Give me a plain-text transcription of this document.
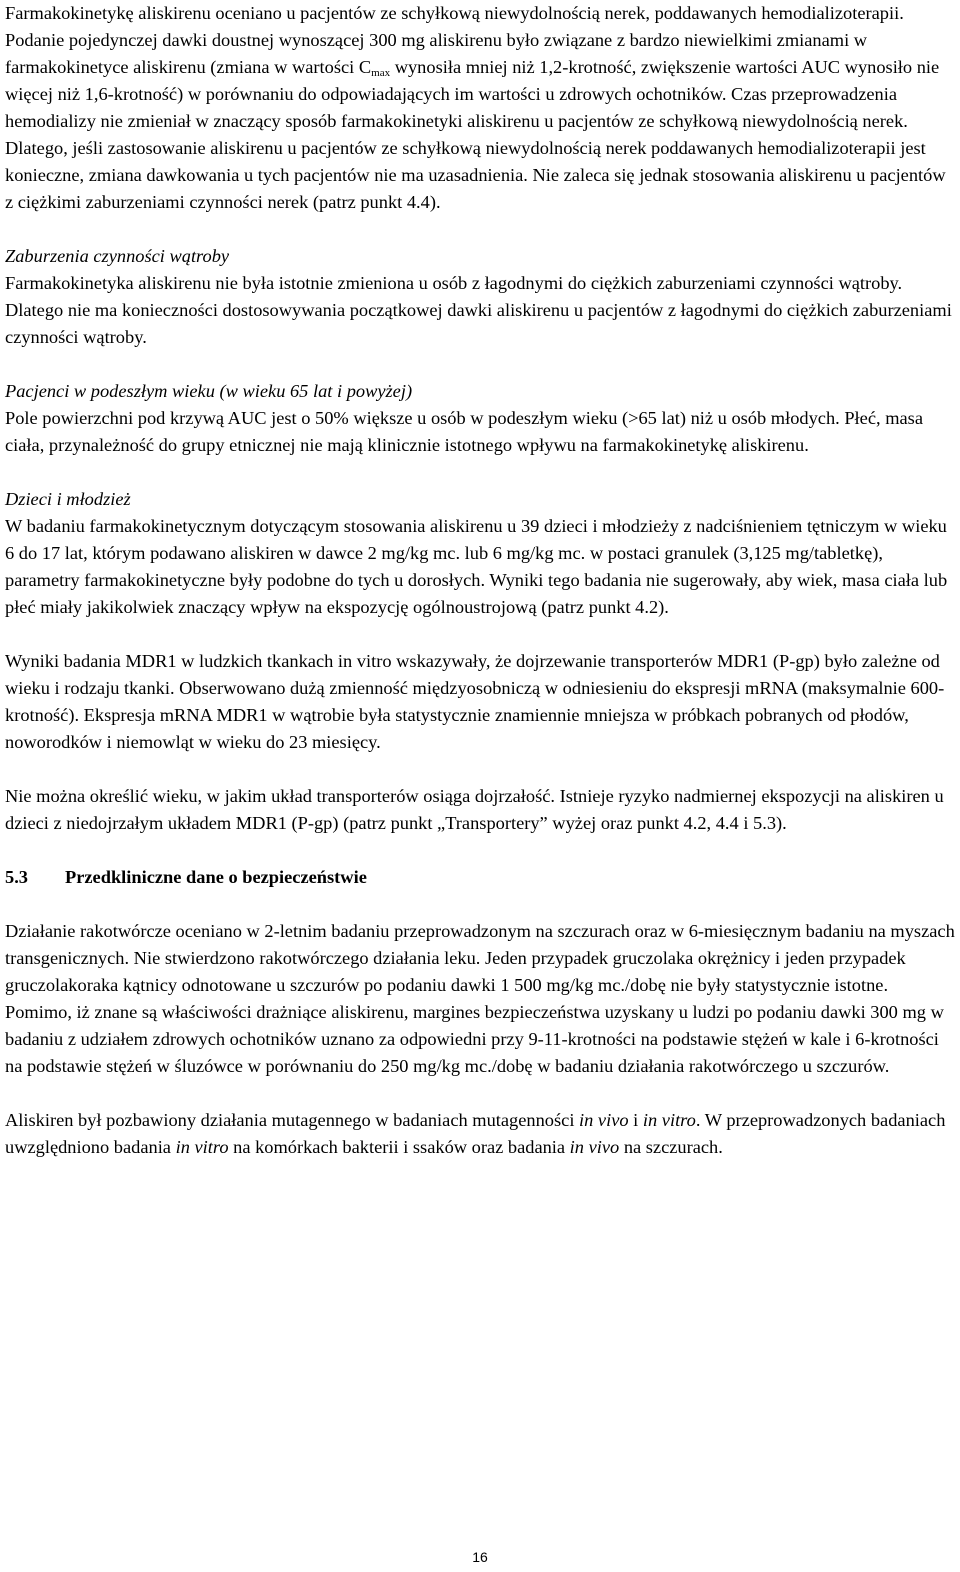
Farmakokinetykę aliskirenu oceniano u pacjentów ze schyłkową niewydolnością nerek, poddawanych hemodializoterapii. Podanie pojedynczej dawki doustnej wynoszącej 300 mg aliskirenu było związane z bardzo niewielkimi zmianami w farmakokinetyce aliskirenu (zmiana w wartości $C_{max}$ wynosiła mniej niż 1,2-krotność, zwiększenie wartości AUC wynosiło nie więcej niż 1,6-krotność) w porównaniu do odpowiadających im wartości u zdrowych ochotników. Czas przeprowadzenia hemodializy nie zmieniał w znaczący sposób farmakokinetyki aliskirenu u pacjentów ze schyłkową niewydolnością nerek. Dlatego, jeśli zastosowanie aliskirenu u pacjentów ze schyłkową niewydolnością nerek poddawanych hemodializoterapii jest konieczne, zmiana dawkowania u tych pacjentów nie ma uzasadnienia. Nie zaleca się jednak stosowania aliskirenu u pacjentów z ciężkimi zaburzeniami czynności nerek (patrz punkt 4.4).

Zaburzenia czynności wątroby

Farmakokinetyka aliskirenu nie była istotnie zmieniona u osób z łagodnymi do ciężkich zaburzeniami czynności wątroby. Dlatego nie ma konieczności dostosowywania początkowej dawki aliskirenu u pacjentów z łagodnymi do ciężkich zaburzeniami czynności wątroby.

Pacjenci w podeszłym wieku (w wieku 65 lat i powyżej)

Pole powierzchni pod krzywą AUC jest o 50% większe u osób w podeszłym wieku (>65 lat) niż u osób młodych. Płeć, masa ciała, przynależność do grupy etnicznej nie mają klinicznie istotnego wpływu na farmakokinetykę aliskirenu.

Dzieci i młodzież

W badaniu farmakokinetycznym dotyczącym stosowania aliskirenu u 39 dzieci i młodzieży z nadciśnieniem tętniczym w wieku 6 do 17 lat, którym podawano aliskiren w dawce 2 mg/kg mc. lub 6 mg/kg mc. w postaci granulek (3,125 mg/tabletkę), parametry farmakokinetyczne były podobne do tych u dorosłych. Wyniki tego badania nie sugerowały, aby wiek, masa ciała lub płeć miały jakikolwiek znaczący wpływ na ekspozycję ogólnoustrojową (patrz punkt 4.2).

Wyniki badania MDR1 w ludzkich tkankach in vitro wskazywały, że dojrzewanie transporterów MDR1 (P-gp) było zależne od wieku i rodzaju tkanki. Obserwowano dużą zmienność międzyosobniczą w odniesieniu do ekspresji mRNA (maksymalnie 600-krotność). Ekspresja mRNA MDR1 w wątrobie była statystycznie znamiennie mniejsza w próbkach pobranych od płodów, noworodków i niemowląt w wieku do 23 miesięcy.

Nie można określić wieku, w jakim układ transporterów osiąga dojrzałość. Istnieje ryzyko nadmiernej ekspozycji na aliskiren u dzieci z niedojrzałym układem MDR1 (P-gp) (patrz punkt „Transportery” wyżej oraz punkt 4.2, 4.4 i 5.3).

5.3	Przedkliniczne dane o bezpieczeństwie

Działanie rakotwórcze oceniano w 2-letnim badaniu przeprowadzonym na szczurach oraz w 6-miesięcznym badaniu na myszach transgenicznych. Nie stwierdzono rakotwórczego działania leku. Jeden przypadek gruczolaka okrężnicy i jeden przypadek gruczolakoraka kątnicy odnotowane u szczurów po podaniu dawki 1 500 mg/kg mc./dobę nie były statystycznie istotne. Pomimo, iż znane są właściwości drażniące aliskirenu, margines bezpieczeństwa uzyskany u ludzi po podaniu dawki 300 mg w badaniu z udziałem zdrowych ochotników uznano za odpowiedni przy 9-11-krotności na podstawie stężeń w kale i 6-krotności na podstawie stężeń w śluzówce w porównaniu do 250 mg/kg mc./dobę w badaniu działania rakotwórczego u szczurów.

Aliskiren był pozbawiony działania mutagennego w badaniach mutagenności in vivo i in vitro. W przeprowadzonych badaniach uwzględniono badania in vitro na komórkach bakterii i ssaków oraz badania in vivo na szczurach.

16
